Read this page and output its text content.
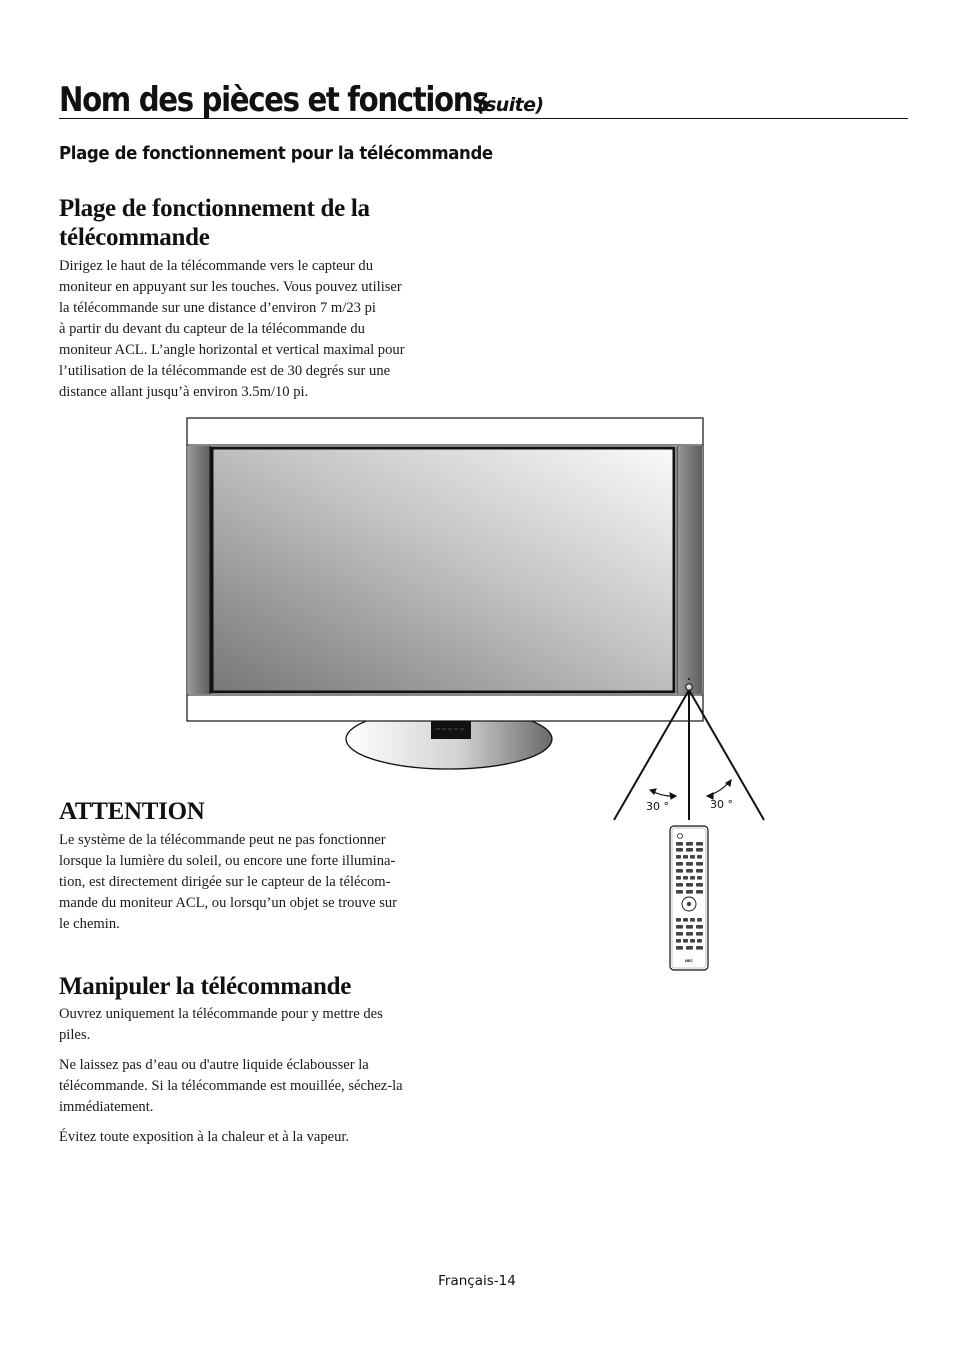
Nom des pièces et fonctions
(suite)
Plage de fonctionnement pour la télécommande
Plage de fonctionnement de la
télécommande

Dirigez le haut de la télécommande vers le capteur du
moniteur en appuyant sur les touches. Vous pouvez utiliser
la télécommande sur une distance d’environ 7 m/23 pi
à partir du devant du capteur de la télécommande du
moniteur ACL. L’angle horizontal et vertical maximal pour
l’utilisation de la télécommande est de 30 degrés sur une
distance allant jusqu’à environ 3.5m/10 pi.

30 °	30 °
NEC
ATTENTION

Le système de la télécommande peut ne pas fonctionner
lorsque la lumière du soleil, ou encore une forte illumina-
tion, est directement dirigée sur le capteur de la télécom-
mande du moniteur ACL, ou lorsqu’un objet se trouve sur
le chemin.

Manipuler la télécommande

Ouvrez uniquement la télécommande pour y mettre des
piles.

Ne laissez pas d’eau ou d'autre liquide éclabousser la
télécommande. Si la télécommande est mouillée, séchez-la
immédiatement.

Évitez toute exposition à la chaleur et à la vapeur.

Français-14
